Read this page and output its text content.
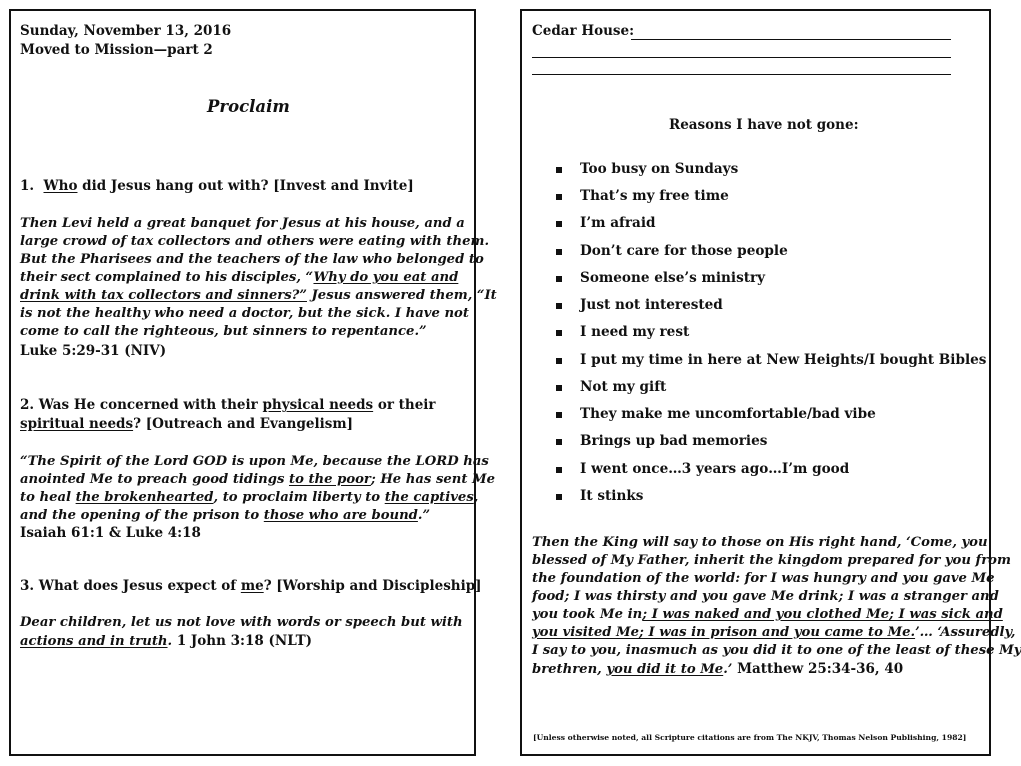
Sunday, November 13, 2016
Moved to Mission—part 2
Proclaim
1. Who did Jesus hang out with? [Invest and Invite]
Then Levi held a great banquet for Jesus at his house, and a
large crowd of tax collectors and others were eating with them.
But the Pharisees and the teachers of the law who belonged to
their sect complained to his disciples, “Why do you eat and
drink with tax collectors and sinners?” Jesus answered them, “It
is not the healthy who need a doctor, but the sick. I have not
come to call the righteous, but sinners to repentance.”
Luke 5:29-31 (NIV)
2. Was He concerned with their physical needs or their
spiritual needs? [Outreach and Evangelism]
“The Spirit of the Lord GOD is upon Me, because the LORD has
anointed Me to preach good tidings to the poor; He has sent Me
to heal the brokenhearted, to proclaim liberty to the captives,
and the opening of the prison to those who are bound.”
Isaiah 61:1 & Luke 4:18
3. What does Jesus expect of me? [Worship and Discipleship]
Dear children, let us not love with words or speech but with
actions and in truth. 1 John 3:18 (NLT)
Cedar House:
Reasons I have not gone:
Too busy on Sundays
That’s my free time
I’m afraid
Don’t care for those people
Someone else’s ministry
Just not interested
I need my rest
I put my time in here at New Heights/I bought Bibles
Not my gift
They make me uncomfortable/bad vibe
Brings up bad memories
I went once…3 years ago…I’m good
It stinks
Then the King will say to those on His right hand, ‘Come, you
blessed of My Father, inherit the kingdom prepared for you from
the foundation of the world: for I was hungry and you gave Me
food; I was thirsty and you gave Me drink; I was a stranger and
you took Me in; I was naked and you clothed Me; I was sick and
you visited Me; I was in prison and you came to Me.’… ‘Assuredly,
I say to you, inasmuch as you did it to one of the least of these My
brethren, you did it to Me.’ Matthew 25:34-36, 40
[Unless otherwise noted, all Scripture citations are from The NKJV, Thomas Nelson Publishing, 1982]
